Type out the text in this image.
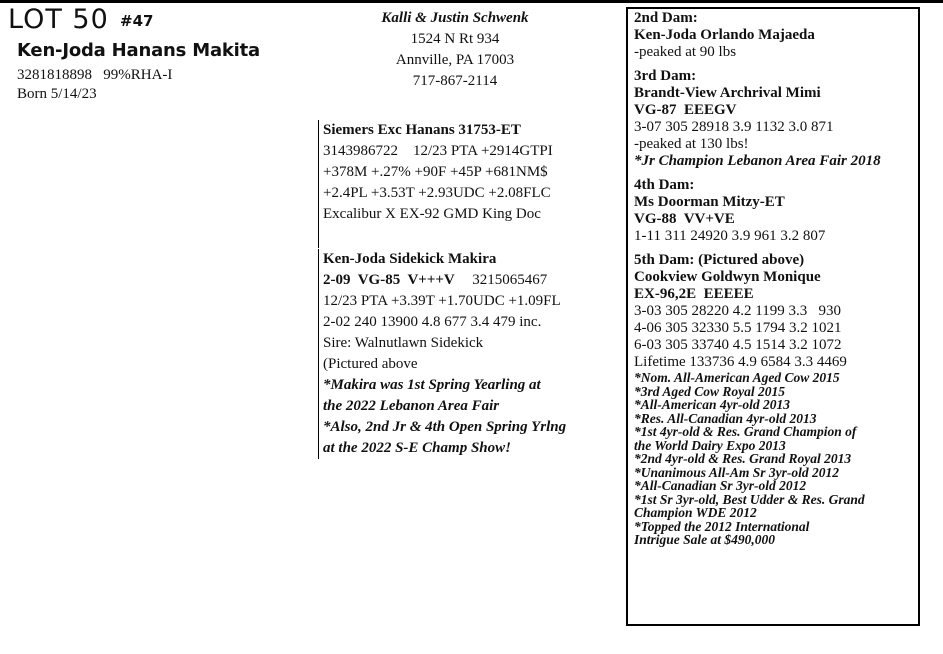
LOT 50 #47
Ken-Joda Hanans Makita
3281818898   99%RHA-I
Born 5/14/23
Kalli & Justin Schwenk
1524 N Rt 934
Annville, PA 17003
717-867-2114
Siemers Exc Hanans 31753-ET
3143986722    12/23 PTA +2914GTPI
+378M +.27% +90F +45P +681NM$
+2.4PL +3.53T +2.93UDC +2.08FLC
Excalibur X EX-92 GMD King Doc
Ken-Joda Sidekick Makira
2-09  VG-85  V+++V 3215065467
12/23 PTA +3.39T +1.70UDC +1.09FL
2-02 240 13900 4.8 677 3.4 479 inc.
Sire: Walnutlawn Sidekick
(Pictured above
*Makira was 1st Spring Yearling at
the 2022 Lebanon Area Fair
*Also, 2nd Jr & 4th Open Spring Yrlng
at the 2022 S-E Champ Show!
2nd Dam:
Ken-Joda Orlando Majaeda
-peaked at 90 lbs
3rd Dam:
Brandt-View Archrival Mimi
VG-87  EEEGV
3-07 305 28918 3.9 1132 3.0 871
-peaked at 130 lbs!
*Jr Champion Lebanon Area Fair 2018
4th Dam:
Ms Doorman Mitzy-ET
VG-88  VV+VE
1-11 311 24920 3.9 961 3.2 807
5th Dam: (Pictured above)
Cookview Goldwyn Monique
EX-96,2E  EEEEE
3-03 305 28220 4.2 1199 3.3   930
4-06 305 32330 5.5 1794 3.2 1021
6-03 305 33740 4.5 1514 3.2 1072
Lifetime 133736 4.9 6584 3.3 4469
*Nom. All-American Aged Cow 2015
*3rd Aged Cow Royal 2015
*All-American 4yr-old 2013
*Res. All-Canadian 4yr-old 2013
*1st 4yr-old & Res. Grand Champion of
the World Dairy Expo 2013
*2nd 4yr-old & Res. Grand Royal 2013
*Unanimous All-Am Sr 3yr-old 2012
*All-Canadian Sr 3yr-old 2012
*1st Sr 3yr-old, Best Udder & Res. Grand
Champion WDE 2012
*Topped the 2012 International
Intrigue Sale at $490,000
